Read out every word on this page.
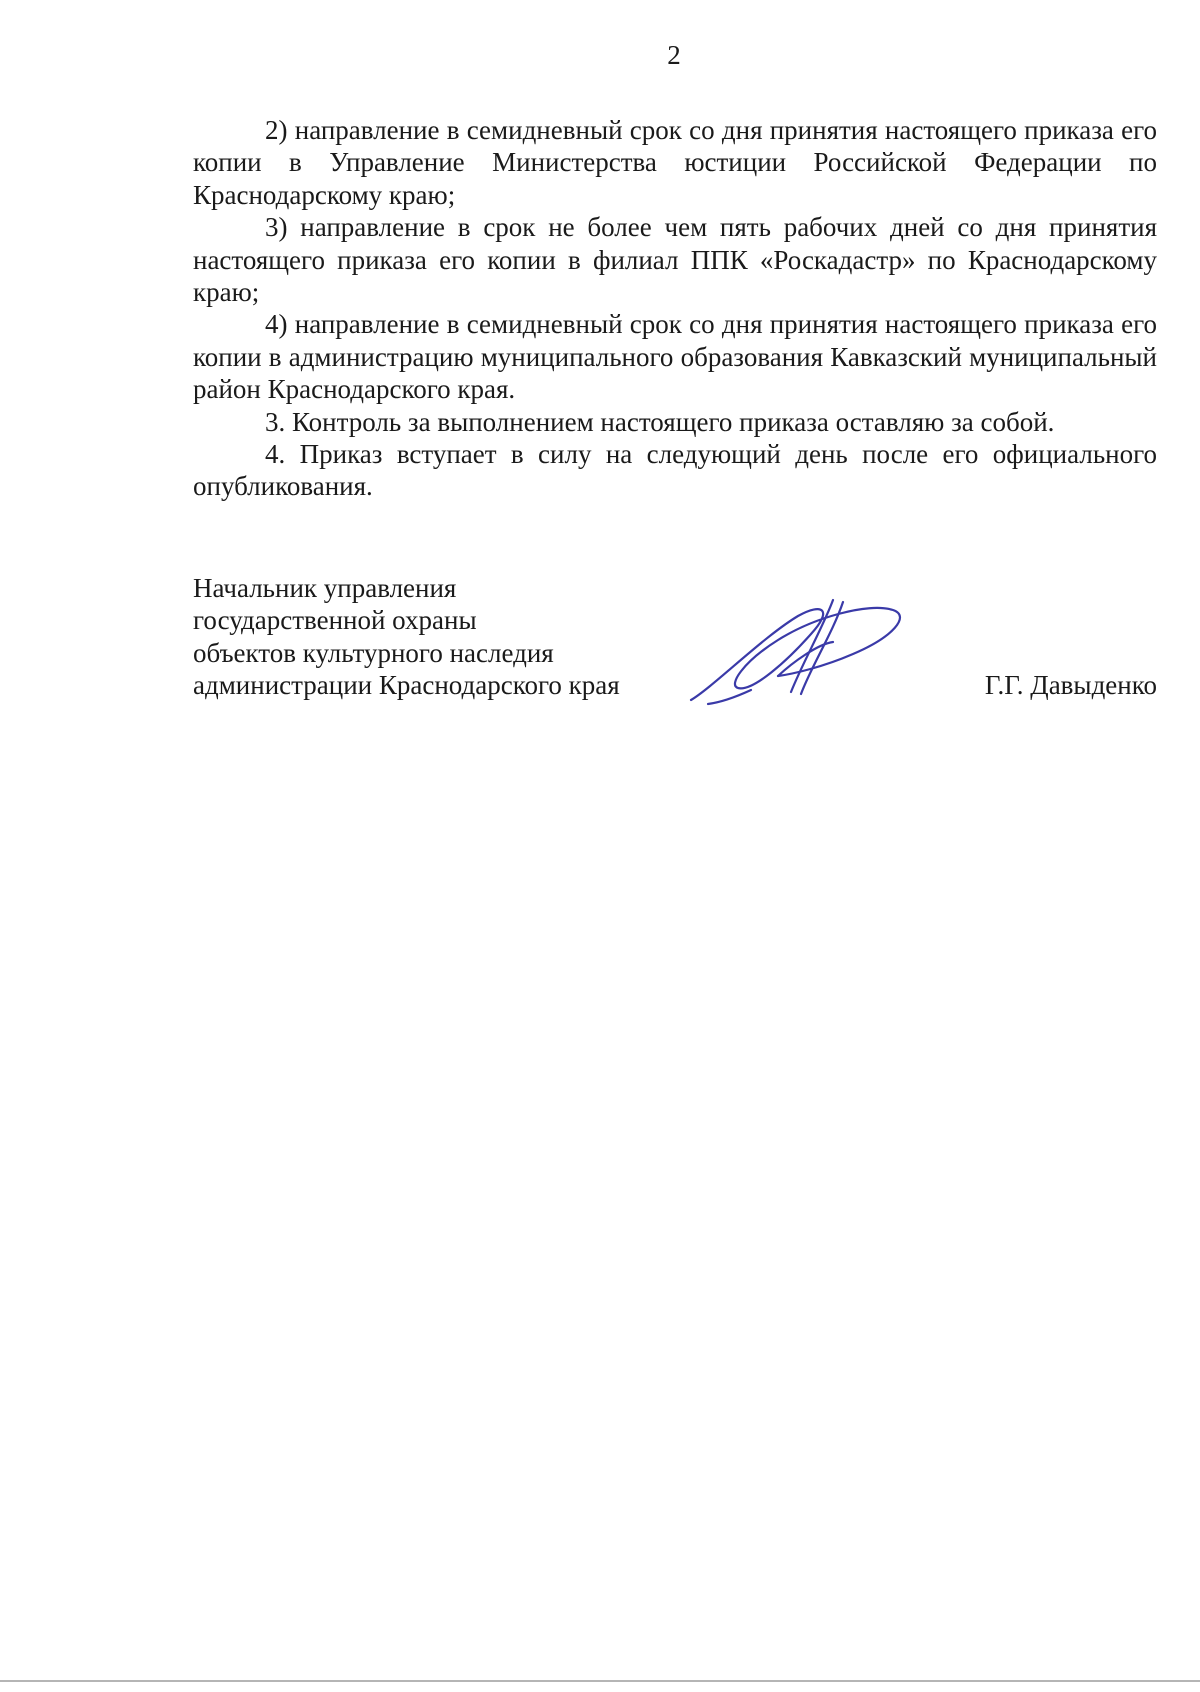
2

2) направление в семидневный срок со дня принятия настоящего приказа его копии в Управление Министерства юстиции Российской Федерации по Краснодарскому краю;

3) направление в срок не более чем пять рабочих дней со дня принятия настоящего приказа его копии в филиал ППК «Роскадастр» по Краснодарскому краю;

4) направление в семидневный срок со дня принятия настоящего приказа его копии в администрацию муниципального образования Кавказский муниципальный район Краснодарского края.

3. Контроль за выполнением настоящего приказа оставляю за собой.

4. Приказ вступает в силу на следующий день после его официального опубликования.

Начальник управления
государственной охраны
объектов культурного наследия
администрации Краснодарского края	Г.Г. Давыденко
